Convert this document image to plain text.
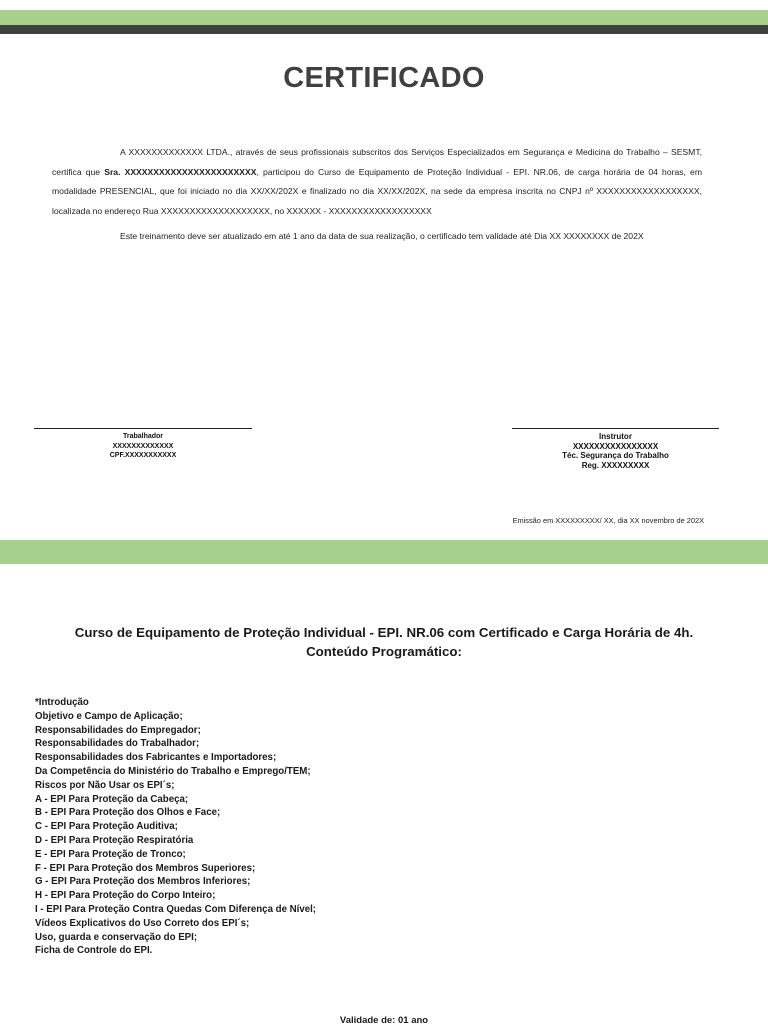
CERTIFICADO

A XXXXXXXXXXXXX LTDA., através de seus profissionais subscritos dos Serviços Especializados em Segurança e Medicina do Trabalho – SESMT, certifica que Sra. XXXXXXXXXXXXXXXXXXXXXXX, participou do Curso de Equipamento de Proteção Individual - EPI. NR.06, de carga horária de 04 horas, em modalidade PRESENCIAL, que foi iniciado no dia XX/XX/202X e finalizado no dia XX/XX/202X, na sede da empresa inscrita no CNPJ nº XXXXXXXXXXXXXXXXXX, localizada no endereço Rua XXXXXXXXXXXXXXXXXXX, no XXXXXX - XXXXXXXXXXXXXXXXXX

Este treinamento deve ser atualizado em até 1 ano da data de sua realização, o certificado tem validade até Dia XX XXXXXXXX de 202X

Trabalhador
XXXXXXXXXXXXX
CPF.XXXXXXXXXXX
Instrutor
XXXXXXXXXXXXXXXX
Téc. Segurança do Trabalho
Reg. XXXXXXXXX
Emissão em XXXXXXXXX/ XX, dia XX novembro de 202X
Curso de Equipamento de Proteção Individual - EPI. NR.06 com Certificado e Carga Horária de 4h.
Conteúdo Programático:
*Introdução
Objetivo e Campo de Aplicação;
Responsabilidades do Empregador;
Responsabilidades do Trabalhador;
Responsabilidades dos Fabricantes e Importadores;
Da Competência do Ministério do Trabalho e Emprego/TEM;
Riscos por Não Usar os EPI´s;
A - EPI Para Proteção da Cabeça;
B - EPI Para Proteção dos Olhos e Face;
C - EPI Para Proteção Auditiva;
D - EPI Para Proteção Respiratória
E - EPI Para Proteção de Tronco;
F - EPI Para Proteção dos Membros Superiores;
G - EPI Para Proteção dos Membros Inferiores;
H - EPI Para Proteção do Corpo Inteiro;
I - EPI Para Proteção Contra Quedas Com Diferença de Nível;
Vídeos Explicativos do Uso Correto dos EPI´s;
Uso, guarda e conservação do EPI;
Ficha de Controle do EPI.
Validade de: 01 ano
